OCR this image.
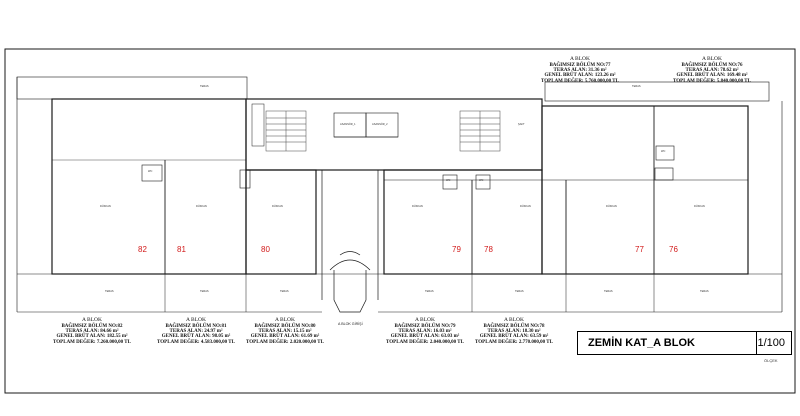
A BLOK
BAĞIMSIZ BÖLÜM NO:77
TERAS ALAN: 31.36 m²
GENEL BRÜT ALAN: 123.26 m²
TOPLAM DEĞER: 5.760.000,00 TL
A BLOK
BAĞIMSIZ BÖLÜM NO:76
TERAS ALAN: 78.62 m²
GENEL BRÜT ALAN: 169.48 m²
TOPLAM DEĞER: 5.840.000,00 TL
A BLOK
BAĞIMSIZ BÖLÜM NO:82
TERAS ALAN: 84.66 m²
GENEL BRÜT ALAN: 182.55 m²
TOPLAM DEĞER: 7.260.000,00 TL
A BLOK
BAĞIMSIZ BÖLÜM NO:81
TERAS ALAN: 24.97 m²
GENEL BRÜT ALAN: 98.05 m²
TOPLAM DEĞER: 4.583.000,00 TL
A BLOK
BAĞIMSIZ BÖLÜM NO:80
TERAS ALAN: 15.15 m²
GENEL BRÜT ALAN: 61.69 m²
TOPLAM DEĞER: 2.020.000,00 TL
A BLOK
BAĞIMSIZ BÖLÜM NO:79
TERAS ALAN: 16.03 m²
GENEL BRÜT ALAN: 63.03 m²
TOPLAM DEĞER: 2.040.000,00 TL
A BLOK
BAĞIMSIZ BÖLÜM NO:78
TERAS ALAN: 18.30 m²
GENEL BRÜT ALAN: 63.59 m²
TOPLAM DEĞER: 2.770.000,00 TL
82	81	80	79	78	77	76
DÜKKAN	DÜKKAN	DÜKKAN	DÜKKAN	DÜKKAN	DÜKKAN	DÜKKAN
TERAS	TERAS	TERAS	TERAS	TERAS	TERAS	TERAS
TERAS	TERAS
ASANSÖR_1	ASANSÖR_2	ŞAFT
WC
WC	WC
WC
A BLOK GİRİŞİ
ZEMİN KAT_A BLOK	1/100
ÖLÇEK
